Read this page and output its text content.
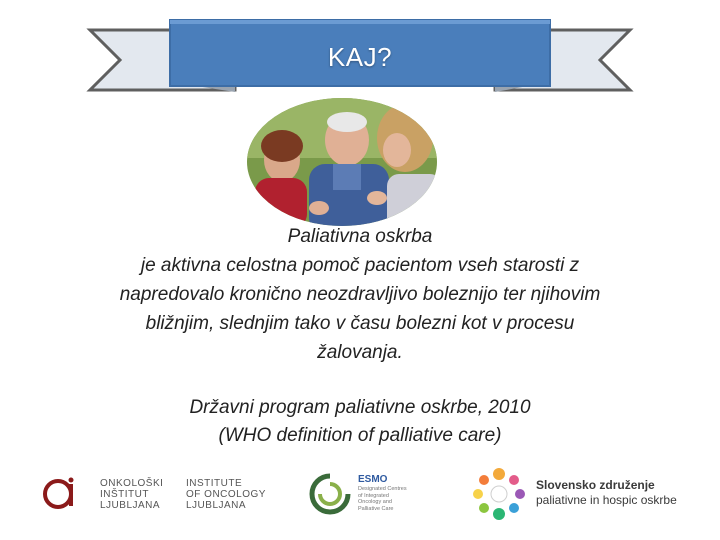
KAJ?
Paliativna oskrba
je aktivna celostna pomoč pacientom vseh starosti z
napredovalo kronično neozdravljivo boleznijo ter njihovim
bližnjim, slednjim tako v času bolezni kot v procesu
žalovanja.
Državni program paliativne oskrbe, 2010
(WHO definition of palliative care)
ONKOLOŠKI
INŠTITUT
LJUBLJANA
INSTITUTE
OF ONCOLOGY
LJUBLJANA
ESMO
Designated Centres
of Integrated
Oncology and
Palliative Care
Slovensko združenje
paliativne in hospic oskrbe
